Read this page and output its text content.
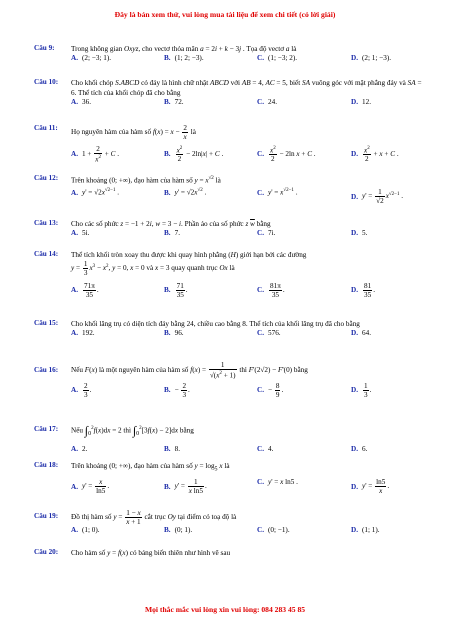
Đây là bản xem thử, vui lòng mua tài liệu để xem chi tiết (có lời giải)
Câu 9: Trong không gian Oxyz, cho vectơ thỏa mãn a = 2i + k − 3j . Tọa độ vectơ a là
A. (2; −3; 1).	B. (1; 2; −3).	C. (1; −3; 2).	D. (2; 1; −3).
Câu 10: Cho khối chóp S.ABCD có đáy là hình chữ nhật ABCD với AB = 4, AC = 5, biết SA vuông góc với mặt phẳng đáy và SA = 6. Thể tích của khối chóp đã cho bằng
A. 36.	B. 72.	C. 24.	D. 12.
Câu 11:
Họ nguyên hàm của hàm số $f(x) = x - \frac{2}{x}$ là
A. $1 + \frac{2}{x^2} + C$ .	B. $\frac{x^2}{2} - 2\ln|x| + C$ .	C. $\frac{x^2}{2} - 2\ln$ x + C .	D. $\frac{x^2}{2} + x + C$ .
Câu 12: Trên khoảng (0; +∞), đạo hàm của hàm số $y = x^{√2}$ là
A. $y' = √2x^{√2-1}$ .	B. $y' = √2x^{√2}$ .	C. $y' = x^{√2-1}$ .	D. $y' = \frac{1}{√2} x^{√2-1}$ .
Câu 13: Cho các số phức z = −1 + 2i, w = 3 − i. Phần ảo của số phức z $\overline{w}$ bằng
A. 5i.	B. 7.	C. 7i.	D. 5.
Câu 14: Thể tích khối tròn xoay thu được khi quay hình phẳng (H) giới hạn bởi các đường
$y = \frac{1}{3} x^3 - x^2$, y = 0, x = 0 và x = 3 quay quanh trục Ox là
A. $\frac{71\pi}{35}$ .	B. $\frac{71}{35}$ .	C. $\frac{81\pi}{35}$ .	D. $\frac{81}{35}$ .
Câu 15: Cho khối lăng trụ có diện tích đáy bằng 24, chiều cao bằng 8. Thể tích của khối lăng trụ đã cho bằng
A. 192.	B. 96.	C. 576.	D. 64.
Câu 16: Nếu F(x) là một nguyên hàm của hàm số $f(x) = \frac{1}{√(x^2 + 1)}$ thì F'(2√2) − F'(0) bằng
A. $\frac{2}{3}$ .	B. − $\frac{2}{3}$ .	C. − $\frac{8}{9}$ .	D. $\frac{1}{3}$ .
Câu 17: Nếu $\int_0^2f(x)dx = 2$ thì $\int_0^2[3f(x) - 2]dx$ bằng
A. 2.	B. 8.	C. 4.	D. 6.
Câu 18: Trên khoảng (0; +∞), đạo hàm của hàm số $y = \log_5 x$ là
A. $y' = \frac{x}{\ln 5}$ .	B. $y' = \frac{1}{\text{x ln5}}$ .
C. y' = x ln5 .
D. $y' = \frac{\ln 5}{x}$ .
Câu 19: Đồ thị hàm số $y = \frac{1 - x}{x + 1}$ cắt trục Oy tại điểm có toạ độ là
A. (1; 0).	B. (0; 1).	C. (0; −1).	D. (1; 1).
Câu 20: Cho hàm số y = f(x) có bảng biến thiên như hình vẽ sau
Mọi thắc mắc vui lòng xin vui lòng: 084 283 45 85
